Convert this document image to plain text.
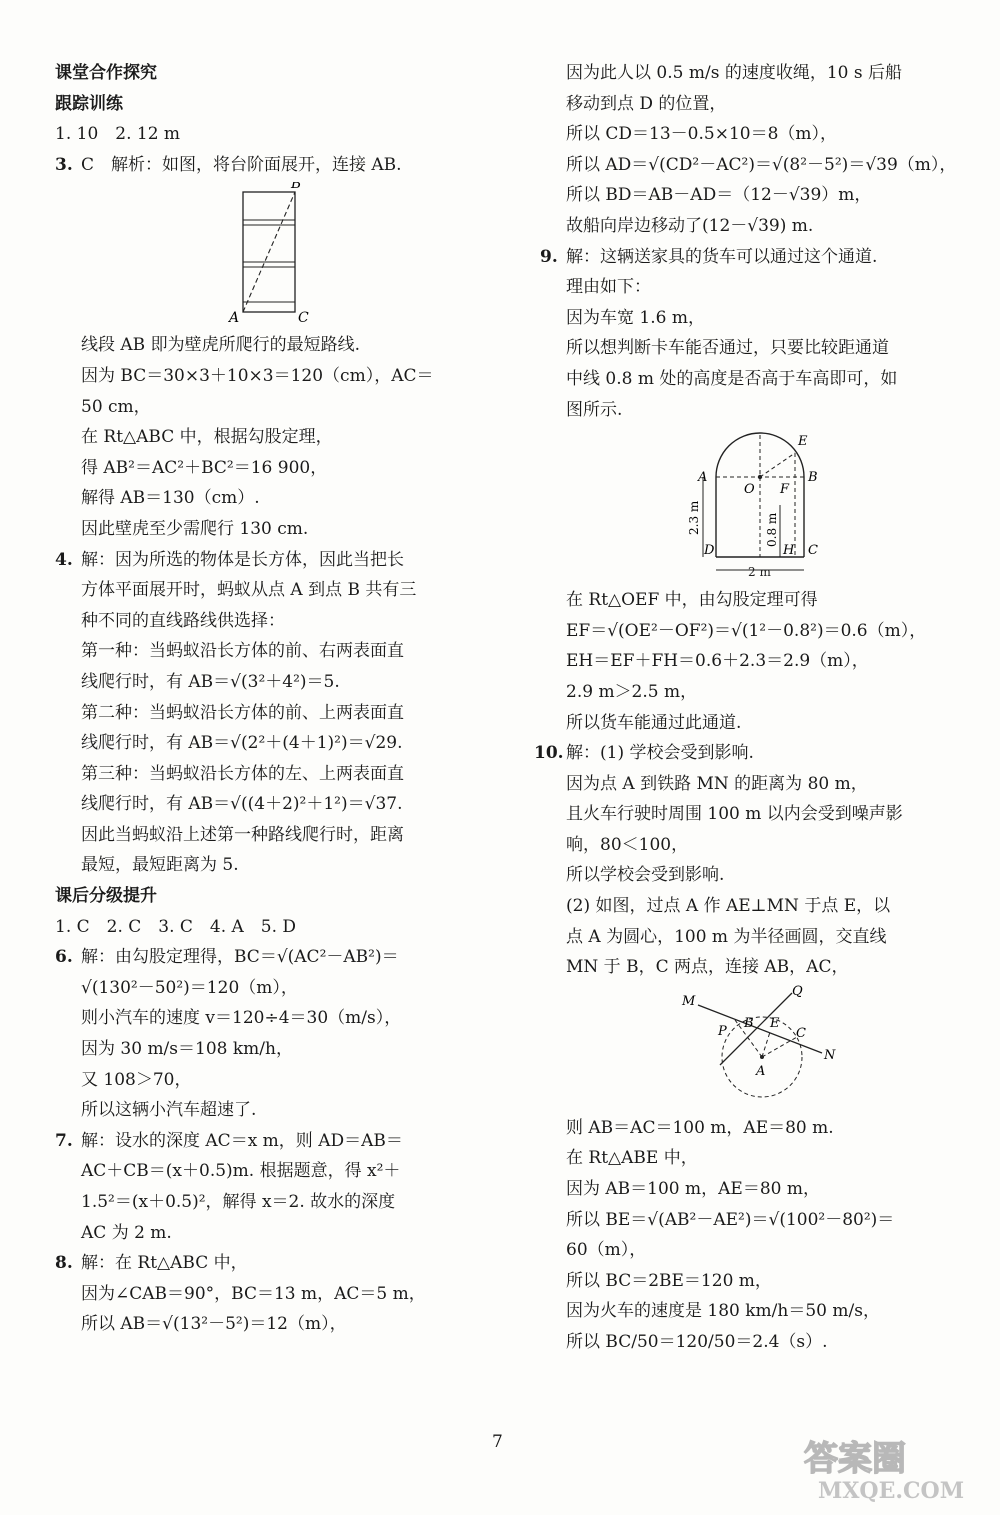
课堂合作探究
跟踪训练
1. 10　2. 12 m
3. C　解析：如图，将台阶面展开，连接 AB.
B
A	C
线段 AB 即为壁虎所爬行的最短路线.
因为 BC＝30×3＋10×3＝120（cm），AC＝
50 cm，
在 Rt△ABC 中，根据勾股定理，
得 AB²＝AC²＋BC²＝16 900，
解得 AB＝130（cm）.
因此壁虎至少需爬行 130 cm.
4. 解：因为所选的物体是长方体，因此当把长
方体平面展开时，蚂蚁从点 A 到点 B 共有三
种不同的直线路线供选择：
第一种：当蚂蚁沿长方体的前、右两表面直
线爬行时，有 AB＝√(3²＋4²)＝5.
第二种：当蚂蚁沿长方体的前、上两表面直
线爬行时，有 AB＝√(2²＋(4＋1)²)＝√29.
第三种：当蚂蚁沿长方体的左、上两表面直
线爬行时，有 AB＝√((4＋2)²＋1²)＝√37.
因此当蚂蚁沿上述第一种路线爬行时，距离
最短，最短距离为 5.
课后分级提升
1. C　2. C　3. C　4. A　5. D
6. 解：由勾股定理得，BC＝√(AC²－AB²)＝
√(130²－50²)＝120（m），
则小汽车的速度 v＝120÷4＝30（m/s），
因为 30 m/s＝108 km/h，
又 108＞70，
所以这辆小汽车超速了.
7. 解：设水的深度 AC＝x m，则 AD＝AB＝
AC＋CB＝(x＋0.5)m. 根据题意，得 x²＋
1.5²＝(x＋0.5)²，解得 x＝2. 故水的深度
AC 为 2 m.
8. 解：在 Rt△ABC 中，
因为∠CAB＝90°，BC＝13 m，AC＝5 m，
所以 AB＝√(13²－5²)＝12（m），
因为此人以 0.5 m/s 的速度收绳，10 s 后船
移动到点 D 的位置，
所以 CD＝13－0.5×10＝8（m），
所以 AD＝√(CD²－AC²)＝√(8²－5²)＝√39（m），
所以 BD＝AB－AD＝（12－√39）m，
故船向岸边移动了(12－√39) m.
9. 解：这辆送家具的货车可以通过这个通道.
理由如下：
因为车宽 1.6 m，
所以想判断卡车能否通过，只要比较距通道
中线 0.8 m 处的高度是否高于车高即可，如
图所示.
E
A
O F
B
D	H C
2.3 m	0.8 m
2 m
在 Rt△OEF 中，由勾股定理可得
EF＝√(OE²－OF²)＝√(1²－0.8²)＝0.6（m），
EH＝EF＋FH＝0.6＋2.3＝2.9（m），
2.9 m＞2.5 m，
所以货车能通过此通道.
10. 解：(1) 学校会受到影响.
因为点 A 到铁路 MN 的距离为 80 m，
且火车行驶时周围 100 m 以内会受到噪声影
响，80＜100，
所以学校会受到影响.
(2) 如图，过点 A 作 AE⊥MN 于点 E，以
点 A 为圆心，100 m 为半径画圆，交直线
MN 于 B，C 两点，连接 AB，AC，
M
Q
P
B E
C
N
A
则 AB＝AC＝100 m，AE＝80 m.
在 Rt△ABE 中，
因为 AB＝100 m，AE＝80 m，
所以 BE＝√(AB²－AE²)＝√(100²－80²)＝
60（m），
所以 BC＝2BE＝120 m，
因为火车的速度是 180 km/h＝50 m/s，
所以 BC/50＝120/50＝2.4（s）.
7	答案圈
MXQE.COM
